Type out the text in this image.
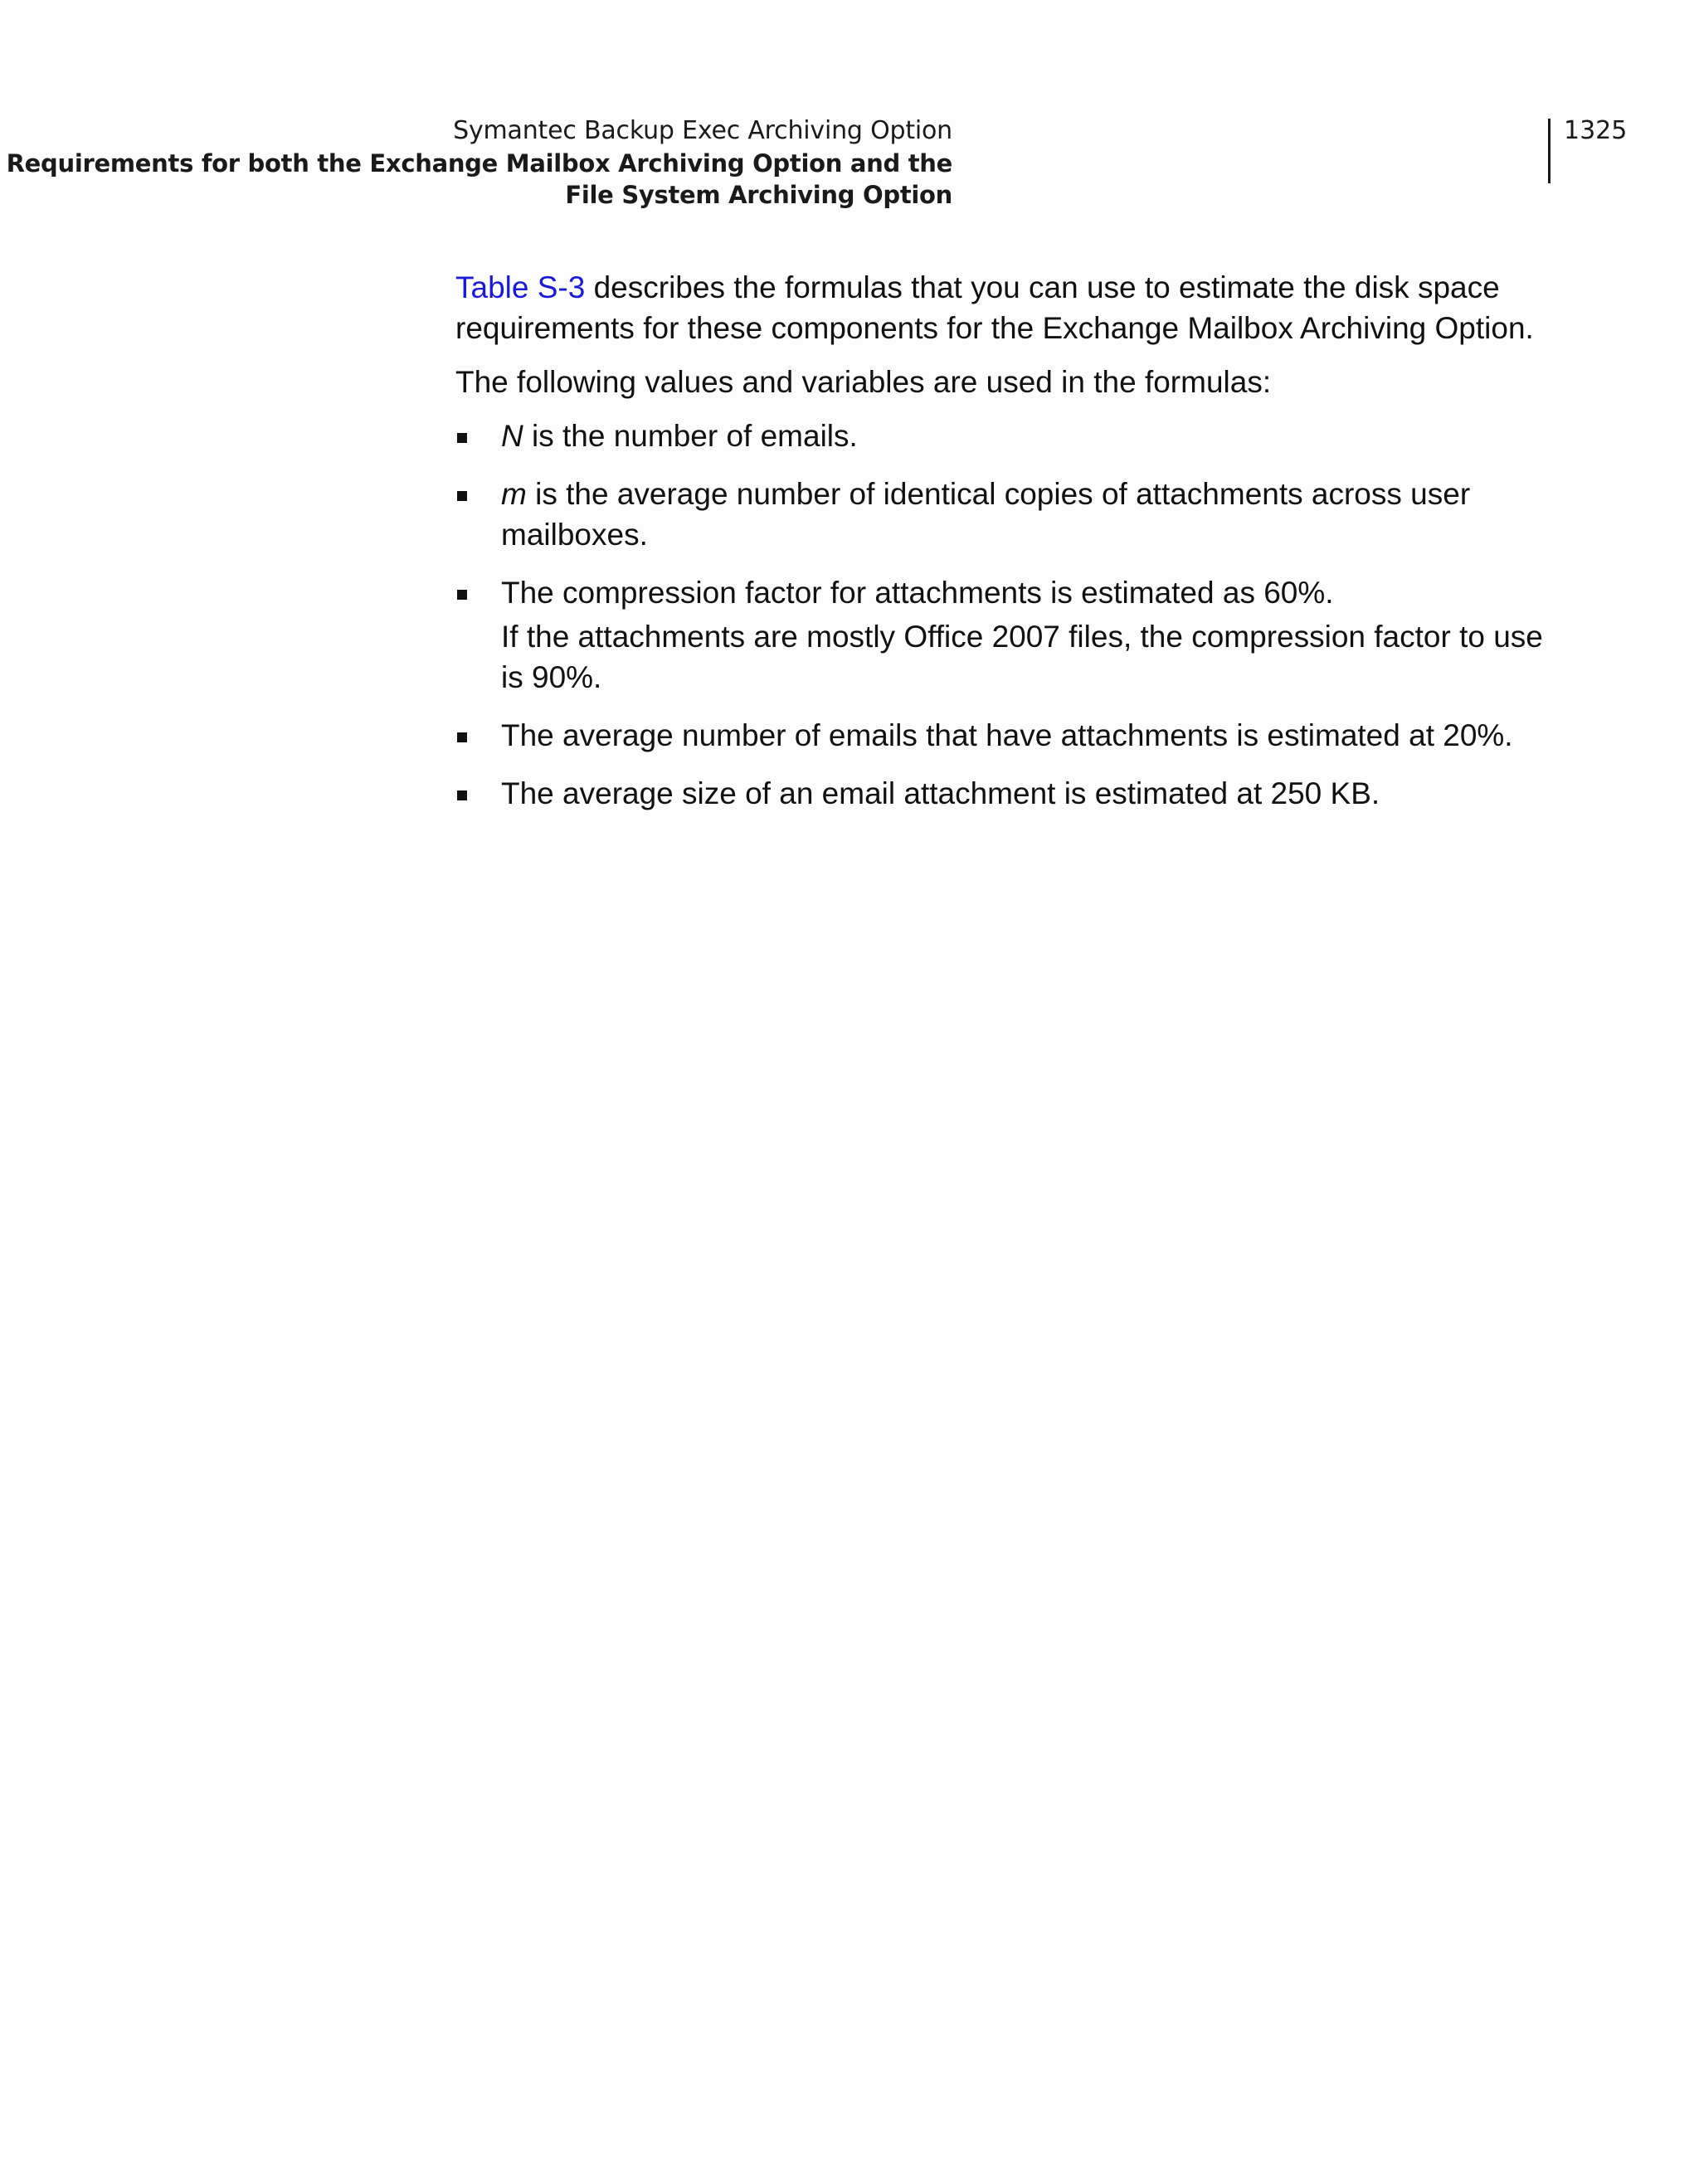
Symantec Backup Exec Archiving Option
Requirements for both the Exchange Mailbox Archiving Option and the File System Archiving Option
1325

Table S-3 describes the formulas that you can use to estimate the disk space requirements for these components for the Exchange Mailbox Archiving Option.

The following values and variables are used in the formulas:

N is the number of emails.
m is the average number of identical copies of attachments across user mailboxes.
The compression factor for attachments is estimated as 60%.
If the attachments are mostly Office 2007 files, the compression factor to use is 90%.
The average number of emails that have attachments is estimated at 20%.
The average size of an email attachment is estimated at 250 KB.
